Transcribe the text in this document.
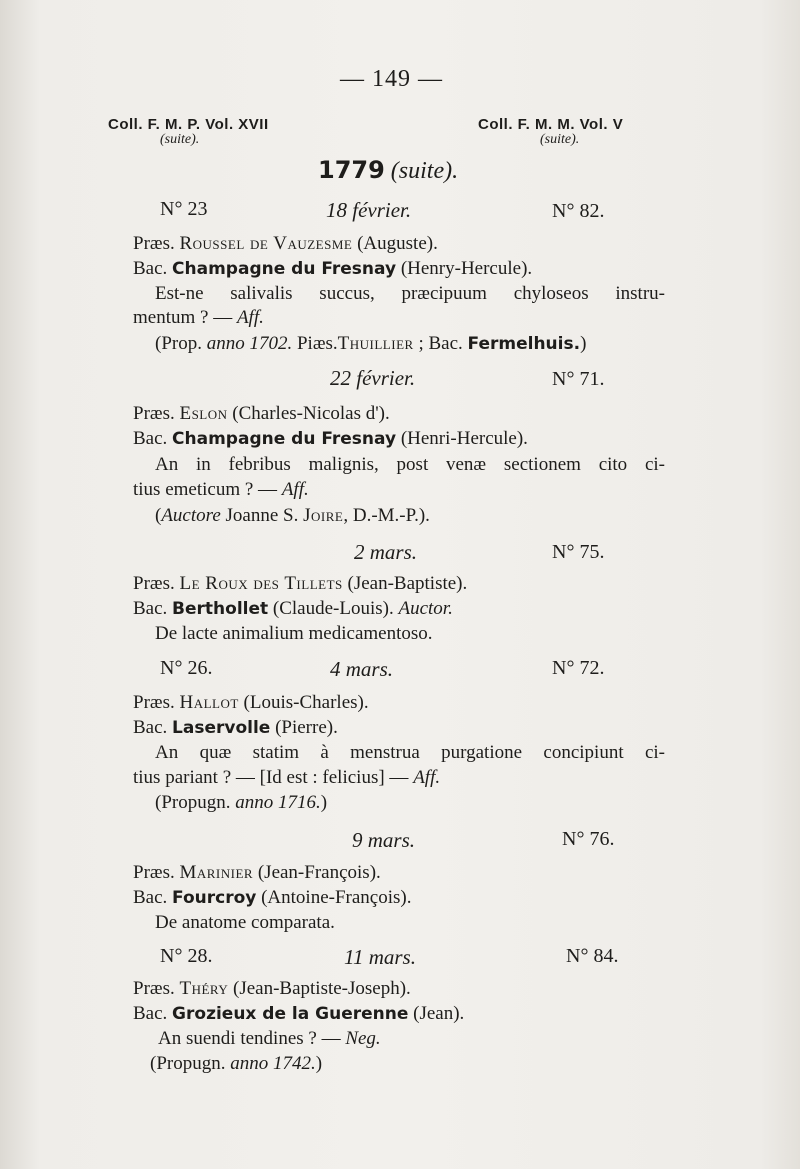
— 149 —
Coll. F. M. P. Vol. XVII
(suite).
Coll. F. M. M. Vol. V
(suite).
1779 (suite).
N° 23	18 février.	N° 82.
Præs. Roussel de Vauzesme (Auguste).
Bac. Champagne du Fresnay (Henry-Hercule).
Est-ne salivalis succus, præcipuum chyloseos instru-
mentum ? — Aff.
(Prop. anno 1702. Piæs.Thuillier ; Bac. Fermelhuis.)
22 février.	N° 71.
Præs. Eslon (Charles-Nicolas d').
Bac. Champagne du Fresnay (Henri-Hercule).
An in febribus malignis, post venæ sectionem cito ci-
tius emeticum ? — Aff.
(Auctore Joanne S. Joire, D.-M.-P.).
2 mars.	N° 75.
Præs. Le Roux des Tillets (Jean-Baptiste).
Bac. Berthollet (Claude-Louis). Auctor.
De lacte animalium medicamentoso.
N° 26.	4 mars.	N° 72.
Præs. Hallot (Louis-Charles).
Bac. Laservolle (Pierre).
An quæ statim à menstrua purgatione concipiunt ci-
tius pariant ? — [Id est : felicius] — Aff.
(Propugn. anno 1716.)
9 mars.	N° 76.
Præs. Marinier (Jean-François).
Bac. Fourcroy (Antoine-François).
De anatome comparata.
N° 28.	11 mars.	N° 84.
Præs. Théry (Jean-Baptiste-Joseph).
Bac. Grozieux de la Guerenne (Jean).
An suendi tendines ? — Neg.
(Propugn. anno 1742.)
